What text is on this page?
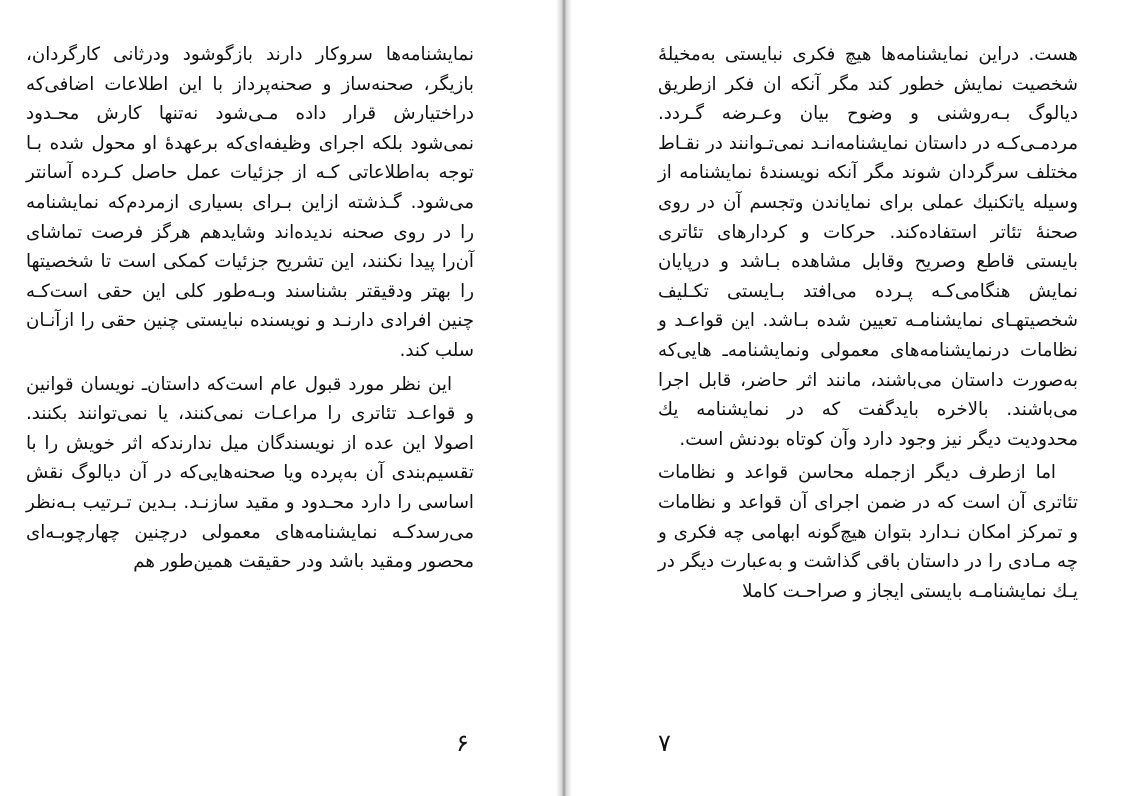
نمایشنامه‌ها سروکار دارند بازگوشود ودرثانی کارگردان، بازیگر، صحنه‌ساز و صحنه‌پرداز با این اطلاعات اضافی‌که دراختیارش قرار داده مـی‌شود نه‌تنها کارش محـدود نمی‌شود بلکه اجرای وظیفه‌ای‌که برعهدهٔ او محول شده بـا توجه به‌اطلاعاتی کـه از جزئیات عمل حاصل کـرده آسانتر می‌شود. گـذشته ازاین بـرای بسیاری ازمردم‌که نمایشنامه را در روی صحنه ندیده‌اند وشایدهم هرگز فرصت تماشای آن‌را پیدا نکنند، این تشریح جزئیات کمکی است تا شخصیتها را بهتر ودقیقتر بشناسند وبـه‌طور کلی این حقی است‌کـه چنین افرادی دارنـد و نویسنده نبایستی چنین حقی را ازآنـان سلب کند.

این نظر مورد قبول عام است‌که داستان‌ـ نویسان قوانین و قواعـد تئاتری را مراعـات نمی‌کنند، یا نمی‌توانند بکنند. اصولا این عده از نویسندگان میل ندارندکه اثر خویش را با تقسیم‌بندی آن به‌پرده ویا صحنه‌هایی‌که در آن دیالوگ نقش اساسی را دارد محـدود و مقید سازنـد. بـدین تـرتیب بـه‌نظر می‌رسدکـه نمایشنامه‌های معمولی درچنین چهارچوبـه‌ای محصور ومقید باشد ودر حقیقت همین‌طور هم

۶

هست. دراین نمایشنامه‌ها هیچ فکری نبایستی به‌مخیلهٔ شخصیت نمایش خطور کند مگر آنکه ان فکر ازطریق دیالوگ بـه‌روشنی و وضوح بیان وعـرضه گـردد. مردمـی‌کـه در داستان نمایشنامه‌انـد نمی‌تـوانند در نقـاط مختلف سرگردان شوند مگر آنکه نویسندهٔ نمایشنامه از وسیله یاتکنیك عملی برای نمایاندن وتجسم آن در روی صحنهٔ تئاتر استفاده‌کند. حرکات و کردارهای تئاتری بایستی قاطع وصریح وقابل مشاهده بـاشد و درپایان نمایش هنگامی‌کـه پـرده می‌افتد بـایستی تکـلیف شخصیتهـای نمایشنامـه تعیین شده بـاشد. این قواعـد و نظامات درنمایشنامه‌های معمولی ونمایشنامه‌ـ هایی‌که به‌صورت داستان می‌باشند، مانند اثر حاضر، قابل اجرا می‌باشند. بالاخره بایدگفت که در نمایشنامه یك محدودیت دیگر نیز وجود دارد وآن کوتاه بودنش است.

اما ازطرف دیگر ازجمله محاسن قواعد و نظامات تئاتری آن است که در ضمن اجرای آن قواعد و نظامات و تمرکز امکان نـدارد بتوان هیچ‌گونه ابهامی چه فکری و چه مـادی را در داستان باقی گذاشت و به‌عبارت دیگر در یـك نمایشنامـه بایستی ایجاز و صراحـت کاملا

۷
